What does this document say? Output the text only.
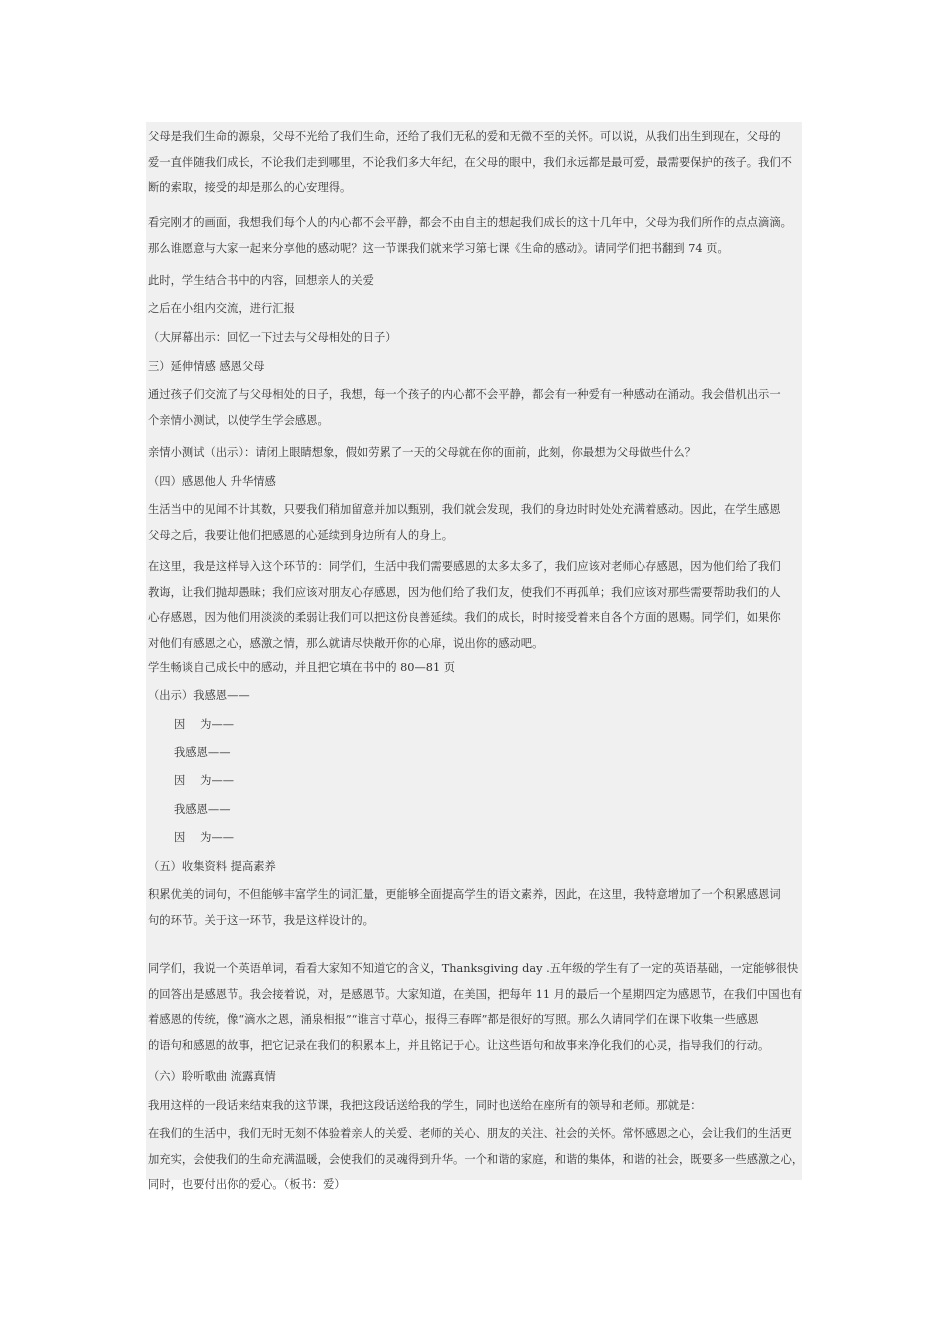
父母是我们生命的源泉，父母不光给了我们生命，还给了我们无私的爱和无微不至的关怀。可以说，从我们出生到现在，父母的
爱一直伴随我们成长，不论我们走到哪里，不论我们多大年纪，在父母的眼中，我们永远都是最可爱，最需要保护的孩子。我们不
断的索取，接受的却是那么的心安理得。
看完刚才的画面，我想我们每个人的内心都不会平静，都会不由自主的想起我们成长的这十几年中，父母为我们所作的点点滴滴。
那么谁愿意与大家一起来分享他的感动呢？这一节课我们就来学习第七课《生命的感动》。请同学们把书翻到 74 页。
此时，学生结合书中的内容，回想亲人的关爱
之后在小组内交流，进行汇报
（大屏幕出示：回忆一下过去与父母相处的日子）
三）延伸情感 感恩父母
通过孩子们交流了与父母相处的日子，我想，每一个孩子的内心都不会平静，都会有一种爱有一种感动在涌动。我会借机出示一
个亲情小测试，以使学生学会感恩。
亲情小测试（出示）：请闭上眼睛想象，假如劳累了一天的父母就在你的面前，此刻，你最想为父母做些什么？
（四）感恩他人 升华情感
生活当中的见闻不计其数，只要我们稍加留意并加以甄别，我们就会发现，我们的身边时时处处充满着感动。因此，在学生感恩
父母之后，我要让他们把感恩的心延续到身边所有人的身上。
在这里，我是这样导入这个环节的：同学们，生活中我们需要感恩的太多太多了，我们应该对老师心存感恩，因为他们给了我们
教诲，让我们抛却愚昧；我们应该对朋友心存感恩，因为他们给了我们友，使我们不再孤单；我们应该对那些需要帮助我们的人
心存感恩，因为他们用淡淡的柔弱让我们可以把这份良善延续。我们的成长，时时接受着来自各个方面的恩赐。同学们，如果你
对他们有感恩之心，感激之情，那么就请尽快敞开你的心扉，说出你的感动吧。
学生畅谈自己成长中的感动，并且把它填在书中的 80—81 页
（出示）我感恩——
因　 为——
我感恩——
因　 为——
我感恩——
因　 为——
（五）收集资料 提高素养
积累优美的词句，不但能够丰富学生的词汇量，更能够全面提高学生的语文素养，因此，在这里，我特意增加了一个积累感恩词
句的环节。关于这一环节，我是这样设计的。
同学们，我说一个英语单词，看看大家知不知道它的含义，Thanksgiving day .五年级的学生有了一定的英语基础，一定能够很快
的回答出是感恩节。我会接着说，对，是感恩节。大家知道，在美国，把每年 11 月的最后一个星期四定为感恩节，在我们中国也有
着感恩的传统，像“滴水之恩，涌泉相报”“谁言寸草心，报得三春晖”都是很好的写照。那么久请同学们在课下收集一些感恩
的语句和感恩的故事，把它记录在我们的积累本上，并且铭记于心。让这些语句和故事来净化我们的心灵，指导我们的行动。
（六）聆听歌曲 流露真情
我用这样的一段话来结束我的这节课，我把这段话送给我的学生，同时也送给在座所有的领导和老师。那就是：
在我们的生活中，我们无时无刻不体验着亲人的关爱、老师的关心、朋友的关注、社会的关怀。常怀感恩之心，会让我们的生活更
加充实，会使我们的生命充满温暖，会使我们的灵魂得到升华。一个和谐的家庭，和谐的集体，和谐的社会，既要多一些感激之心，
同时，也要付出你的爱心。（板书：爱）
